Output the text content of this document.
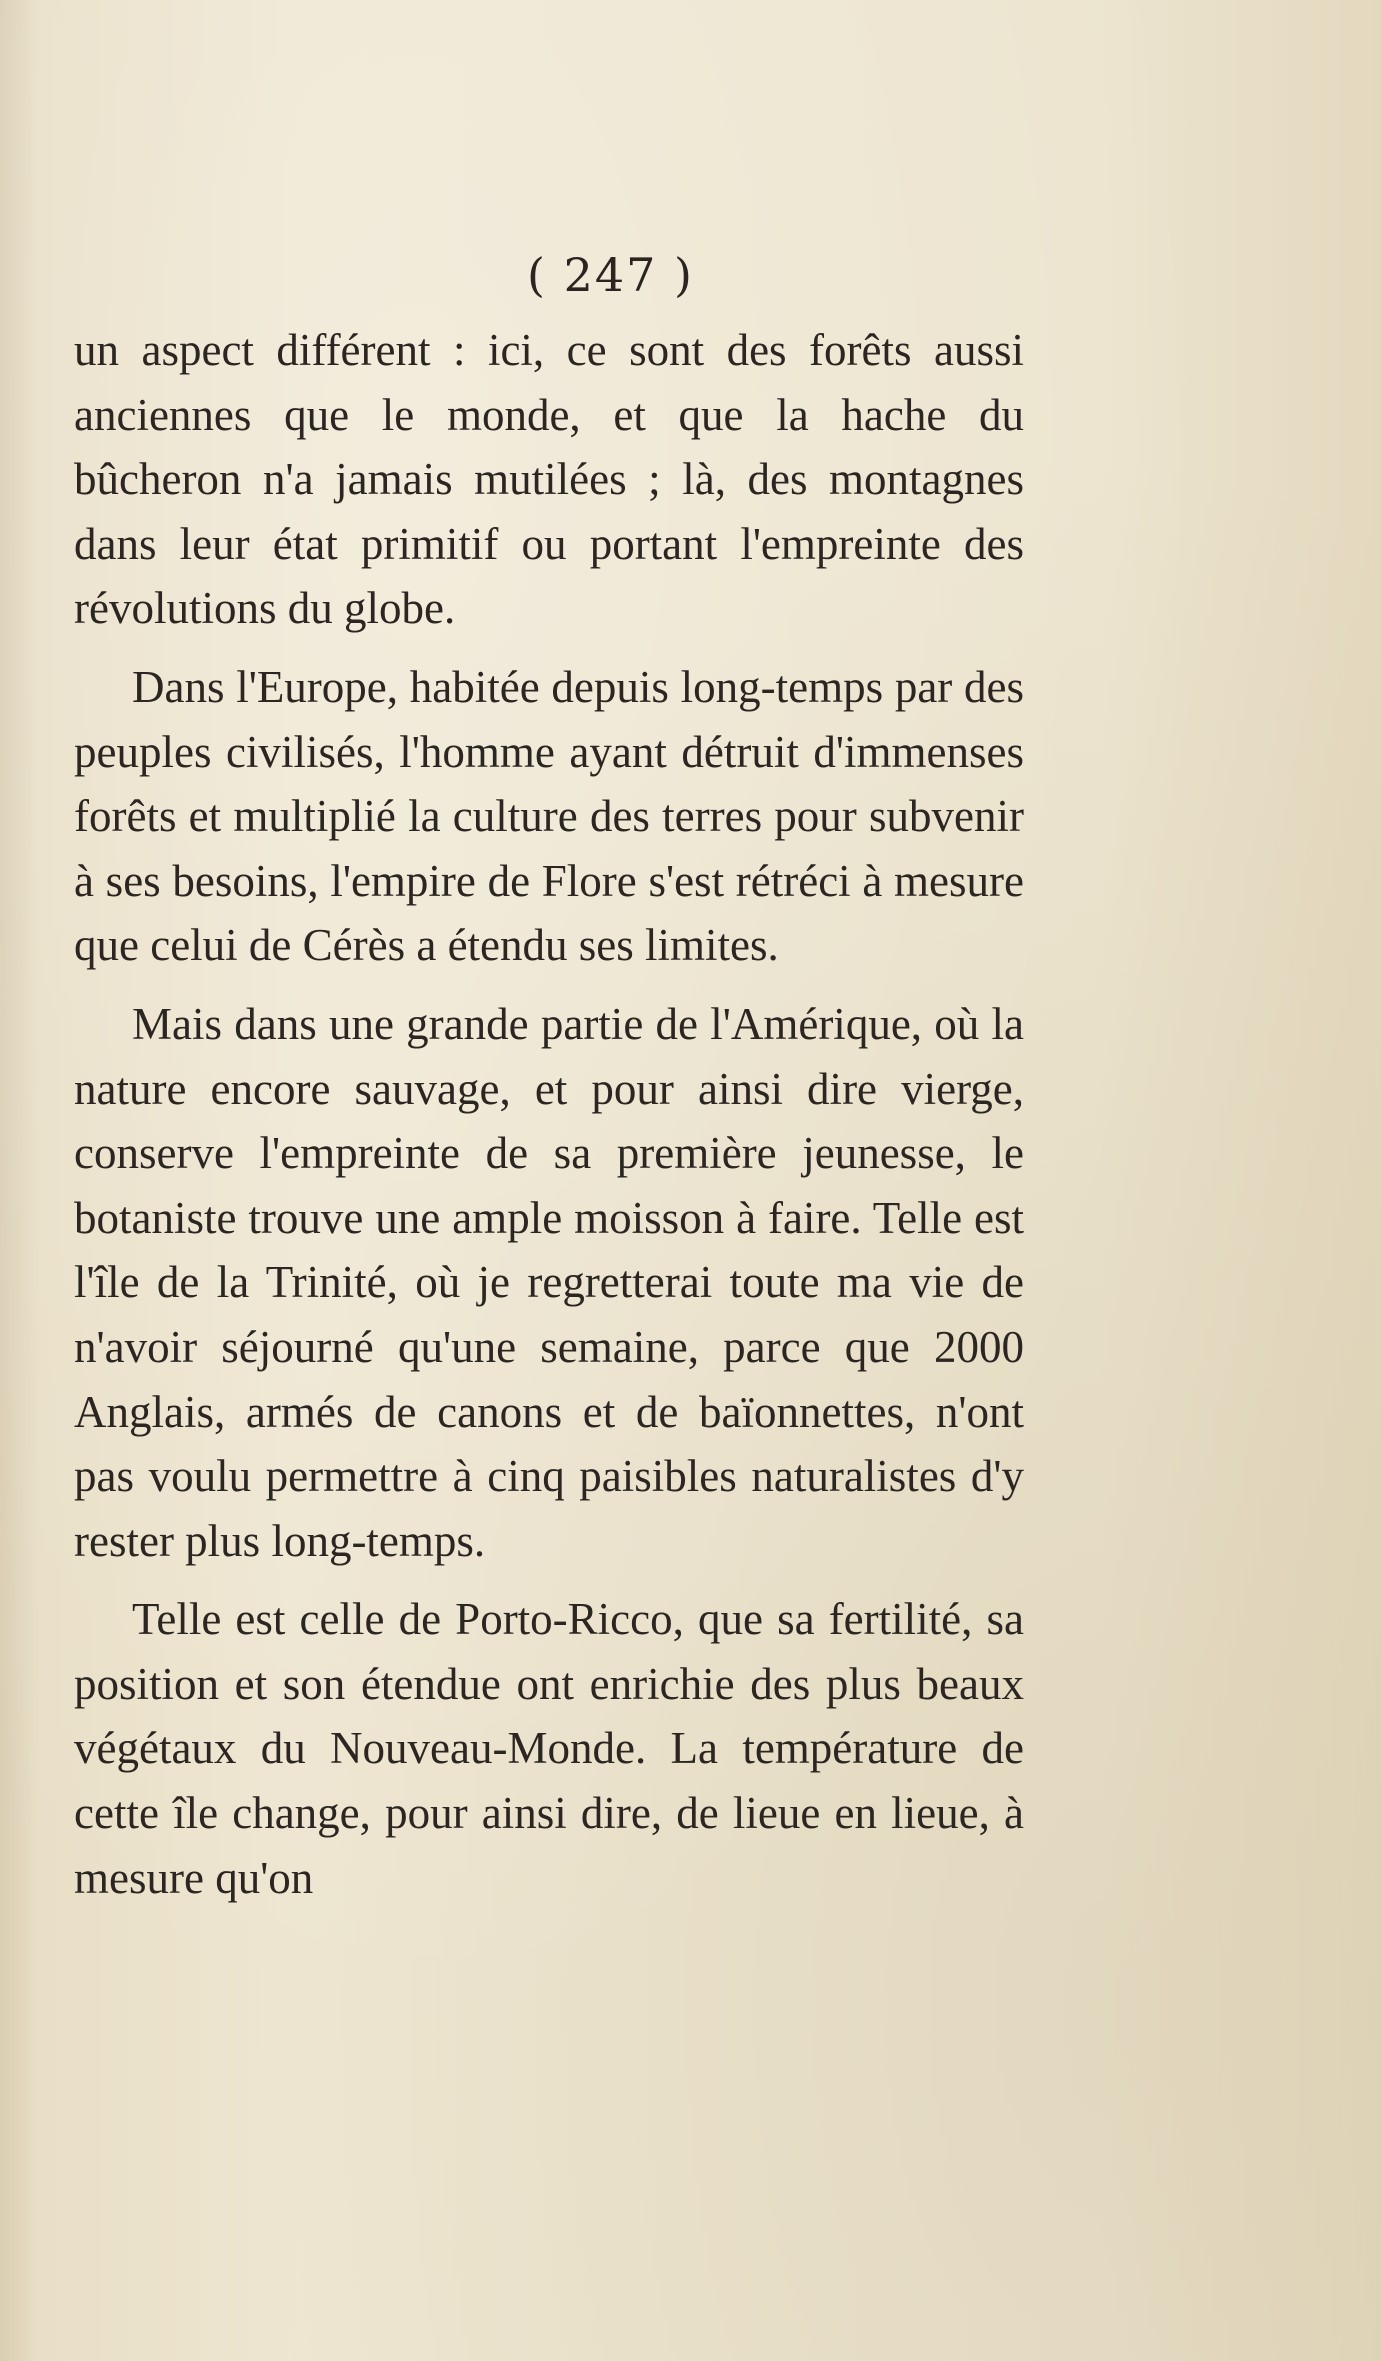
( 247 )

un aspect différent : ici, ce sont des forêts aussi anciennes que le monde, et que la hache du bûcheron n'a jamais mutilées ; là, des montagnes dans leur état primitif ou portant l'empreinte des révolutions du globe.

Dans l'Europe, habitée depuis long-temps par des peuples civilisés, l'homme ayant détruit d'immenses forêts et multiplié la culture des terres pour subvenir à ses besoins, l'empire de Flore s'est rétréci à mesure que celui de Cérès a étendu ses limites.

Mais dans une grande partie de l'Amérique, où la nature encore sauvage, et pour ainsi dire vierge, conserve l'empreinte de sa première jeunesse, le botaniste trouve une ample moisson à faire. Telle est l'île de la Trinité, où je regretterai toute ma vie de n'avoir séjourné qu'une semaine, parce que 2000 Anglais, armés de canons et de baïonnettes, n'ont pas voulu permettre à cinq paisibles naturalistes d'y rester plus long-temps.

Telle est celle de Porto-Ricco, que sa fertilité, sa position et son étendue ont enrichie des plus beaux végétaux du Nouveau-Monde. La température de cette île change, pour ainsi dire, de lieue en lieue, à mesure qu'on
